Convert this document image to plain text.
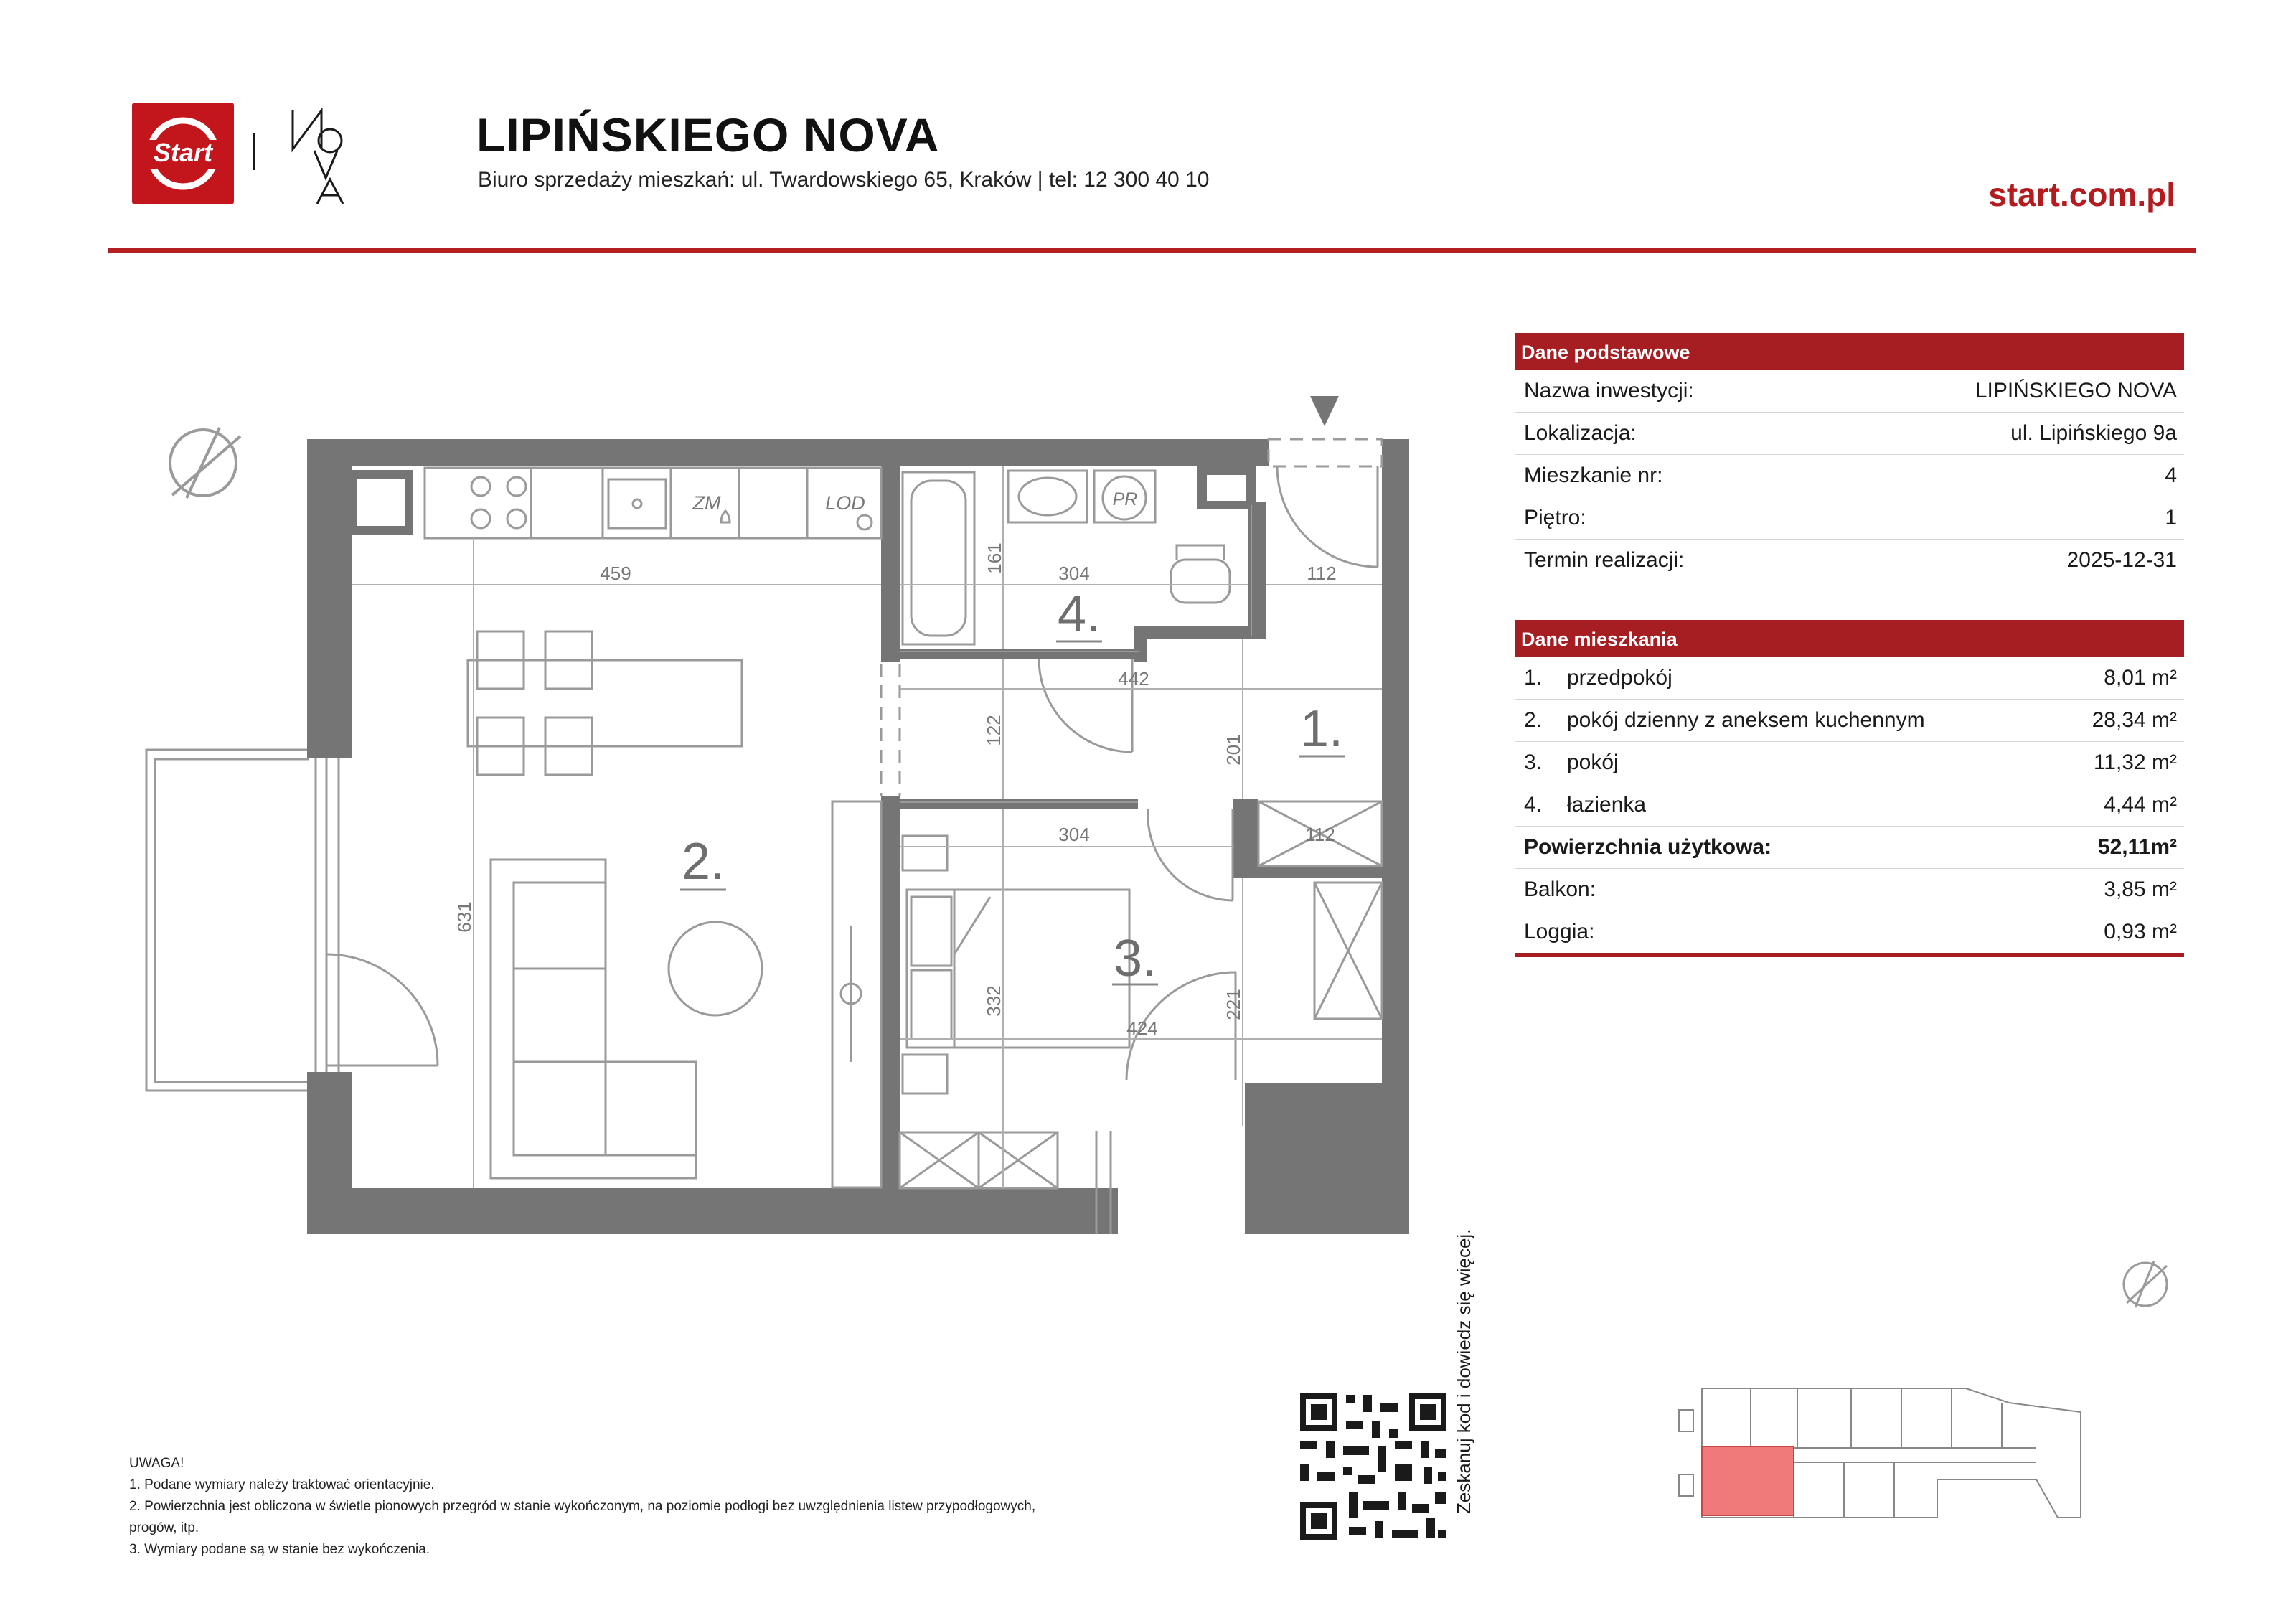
Start
NOVA
LIPIŃSKIEGO NOVA
Biuro sprzedaży mieszkań: ul. Twardowskiego 65, Kraków | tel: 12 300 40 10	start.com.pl
ZM	LOD	PR
459	304	112
161
442
122
201
304	112
631
332
424
221
1.
2.
3.
4.
Zeskanuj kod i dowiedz się więcej.
Dane podstawowe
Nazwa inwestycji:	LIPIŃSKIEGO NOVA
Lokalizacja:	ul. Lipińskiego 9a
Mieszkanie nr:	4
Piętro:	1
Termin realizacji:	2025-12-31
Dane mieszkania
1. przedpokój	8,01 m²
2. pokój dzienny z aneksem kuchennym	28,34 m²
3. pokój	11,32 m²
4. łazienka	4,44 m²
Powierzchnia użytkowa:	52,11m²
Balkon:	3,85 m²
Loggia:	0,93 m²
UWAGA!
1. Podane wymiary należy traktować orientacyjnie.
2. Powierzchnia jest obliczona w świetle pionowych przegród w stanie wykończonym, na poziomie podłogi bez uwzględnienia listew przypodłogowych,
progów, itp.
3. Wymiary podane są w stanie bez wykończenia.
